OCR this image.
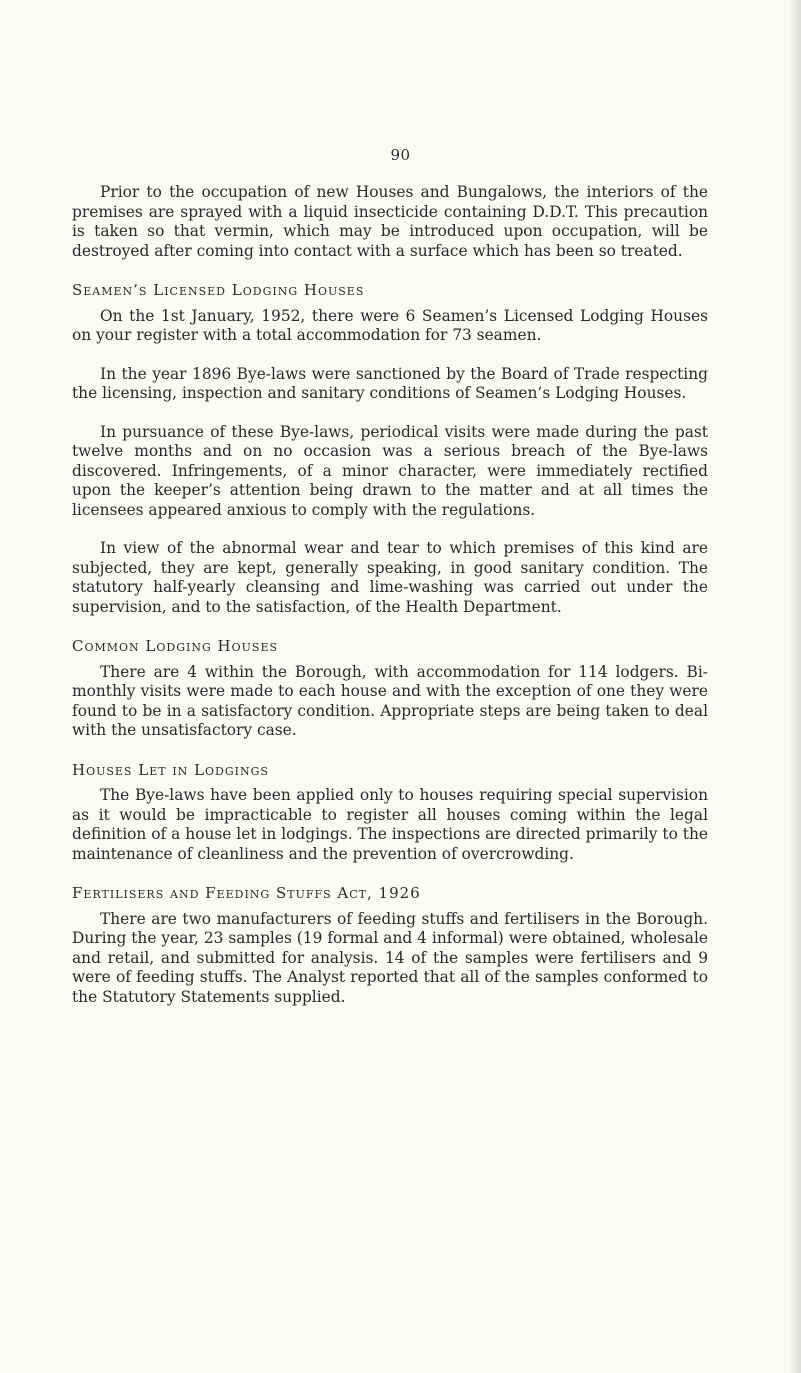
90

Prior to the occupation of new Houses and Bungalows, the interiors of the premises are sprayed with a liquid insecticide containing D.D.T. This precaution is taken so that vermin, which may be introduced upon occupation, will be destroyed after coming into contact with a surface which has been so treated.

Seamen’s Licensed Lodging Houses

On the 1st January, 1952, there were 6 Seamen’s Licensed Lodging Houses on your register with a total accommodation for 73 seamen.

In the year 1896 Bye-laws were sanctioned by the Board of Trade respecting the licensing, inspection and sanitary conditions of Seamen’s Lodging Houses.

In pursuance of these Bye-laws, periodical visits were made during the past twelve months and on no occasion was a serious breach of the Bye-laws discovered. Infringements, of a minor character, were immediately rectified upon the keeper’s attention being drawn to the matter and at all times the licensees appeared anxious to comply with the regulations.

In view of the abnormal wear and tear to which premises of this kind are subjected, they are kept, generally speaking, in good sanitary condition. The statutory half-yearly cleansing and lime-washing was carried out under the supervision, and to the satisfaction, of the Health Department.

Common Lodging Houses

There are 4 within the Borough, with accommodation for 114 lodgers. Bi-monthly visits were made to each house and with the exception of one they were found to be in a satisfactory condition. Appropriate steps are being taken to deal with the unsatisfactory case.

Houses Let in Lodgings

The Bye-laws have been applied only to houses requiring special supervision as it would be impracticable to register all houses coming within the legal definition of a house let in lodgings. The inspections are directed primarily to the maintenance of cleanliness and the prevention of overcrowding.

Fertilisers and Feeding Stuffs Act, 1926

There are two manufacturers of feeding stuffs and fertilisers in the Borough. During the year, 23 samples (19 formal and 4 informal) were obtained, wholesale and retail, and submitted for analysis. 14 of the samples were fertilisers and 9 were of feeding stuffs. The Analyst reported that all of the samples conformed to the Statutory Statements supplied.
